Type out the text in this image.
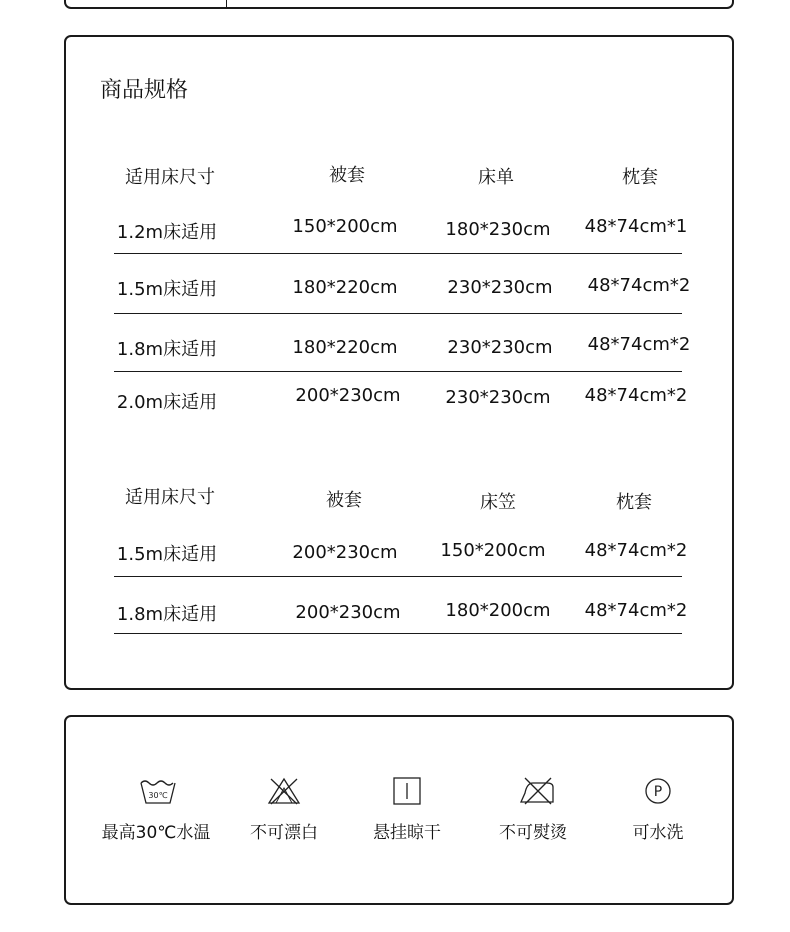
商品规格
适用床尺寸	被套	床单	枕套
1.2m床适用	150*200cm	180*230cm 48*74cm*1
1.5m床适用	180*220cm	230*230cm 48*74cm*2
1.8m床适用	180*220cm	230*230cm 48*74cm*2
2.0m床适用	200*230cm 230*230cm 48*74cm*2
适用床尺寸	被套	床笠	枕套
1.5m床适用	200*230cm 150*200cm 48*74cm*2
1.8m床适用	200*230cm 180*200cm 48*74cm*2
30℃
最高30℃水温 不可漂白	悬挂晾干	不可熨烫
P
可水洗
